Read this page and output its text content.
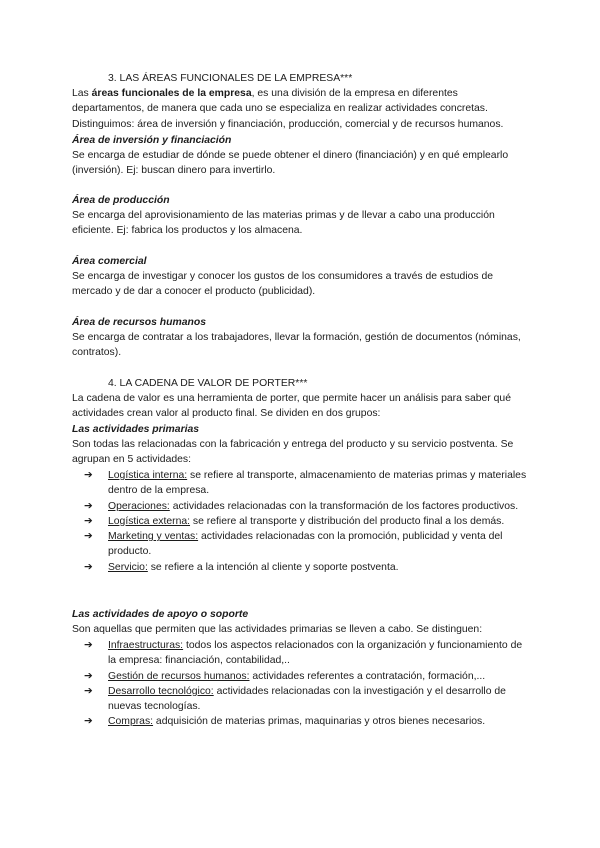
3. LAS ÁREAS FUNCIONALES DE LA EMPRESA***

Las áreas funcionales de la empresa, es una división de la empresa en diferentes departamentos, de manera que cada uno se especializa en realizar actividades concretas.

Distinguimos: área de inversión y financiación, producción, comercial y de recursos humanos.

Área de inversión y financiación

Se encarga de estudiar de dónde se puede obtener el dinero (financiación) y en qué emplearlo (inversión). Ej: buscan dinero para invertirlo.

Área de producción

Se encarga del aprovisionamiento de las materias primas y de llevar a cabo una producción eficiente. Ej: fabrica los productos y los almacena.

Área comercial

Se encarga de investigar y conocer los gustos de los consumidores a través de estudios de mercado y de dar a conocer el producto (publicidad).

Área de recursos humanos

Se encarga de contratar a los trabajadores, llevar la formación, gestión de documentos (nóminas, contratos).

4. LA CADENA DE VALOR DE PORTER***

La cadena de valor es una herramienta de porter, que permite hacer un análisis para saber qué actividades crean valor al producto final. Se dividen en dos grupos:

Las actividades primarias

Son todas las relacionadas con la fabricación y entrega del producto y su servicio postventa. Se agrupan en 5 actividades:

➔ Logística interna: se refiere al transporte, almacenamiento de materias primas y materiales dentro de la empresa.
➔ Operaciones: actividades relacionadas con la transformación de los factores productivos.
➔ Logística externa: se refiere al transporte y distribución del producto final a los demás.
➔ Marketing y ventas: actividades relacionadas con la promoción, publicidad y venta del producto.
➔ Servicio: se refiere a la intención al cliente y soporte postventa.

Las actividades de apoyo o soporte

Son aquellas que permiten que las actividades primarias se lleven a cabo. Se distinguen:

➔ Infraestructuras: todos los aspectos relacionados con la organización y funcionamiento de la empresa: financiación, contabilidad,..
➔ Gestión de recursos humanos: actividades referentes a contratación, formación,...
➔ Desarrollo tecnológico: actividades relacionadas con la investigación y el desarrollo de nuevas tecnologías.
➔ Compras: adquisición de materias primas, maquinarias y otros bienes necesarios.
